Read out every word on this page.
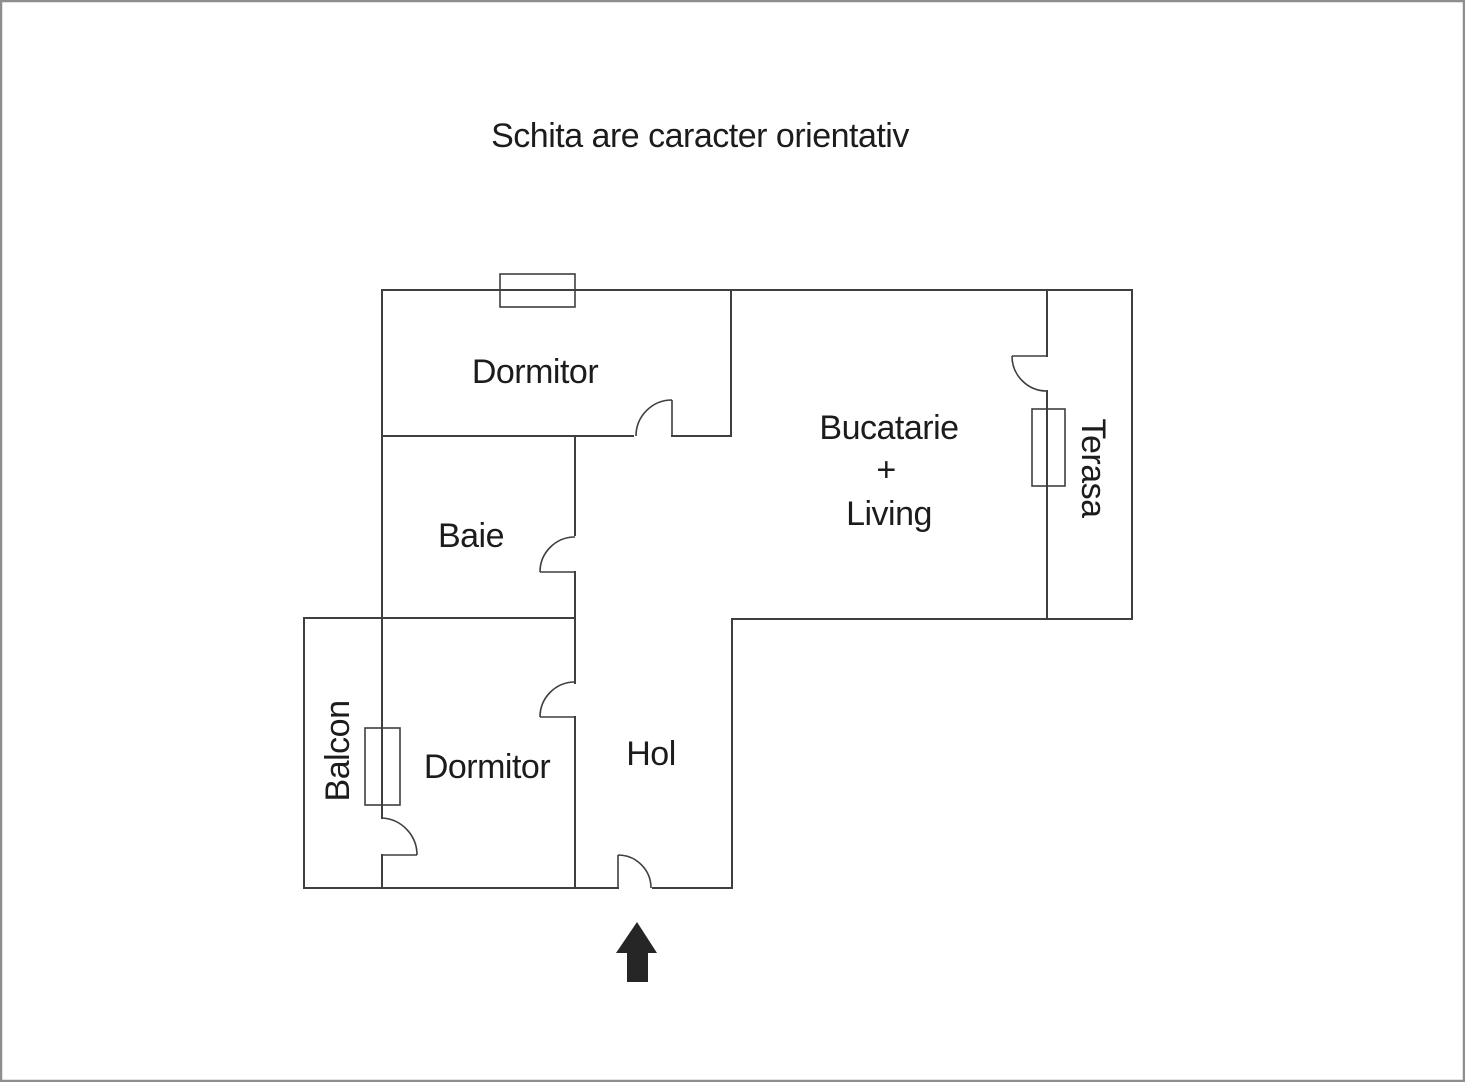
Schita are caracter orientativ
Dormitor
Bucatarie
+
Living	Terasa
Baie
Balcon Dormitor Hol
